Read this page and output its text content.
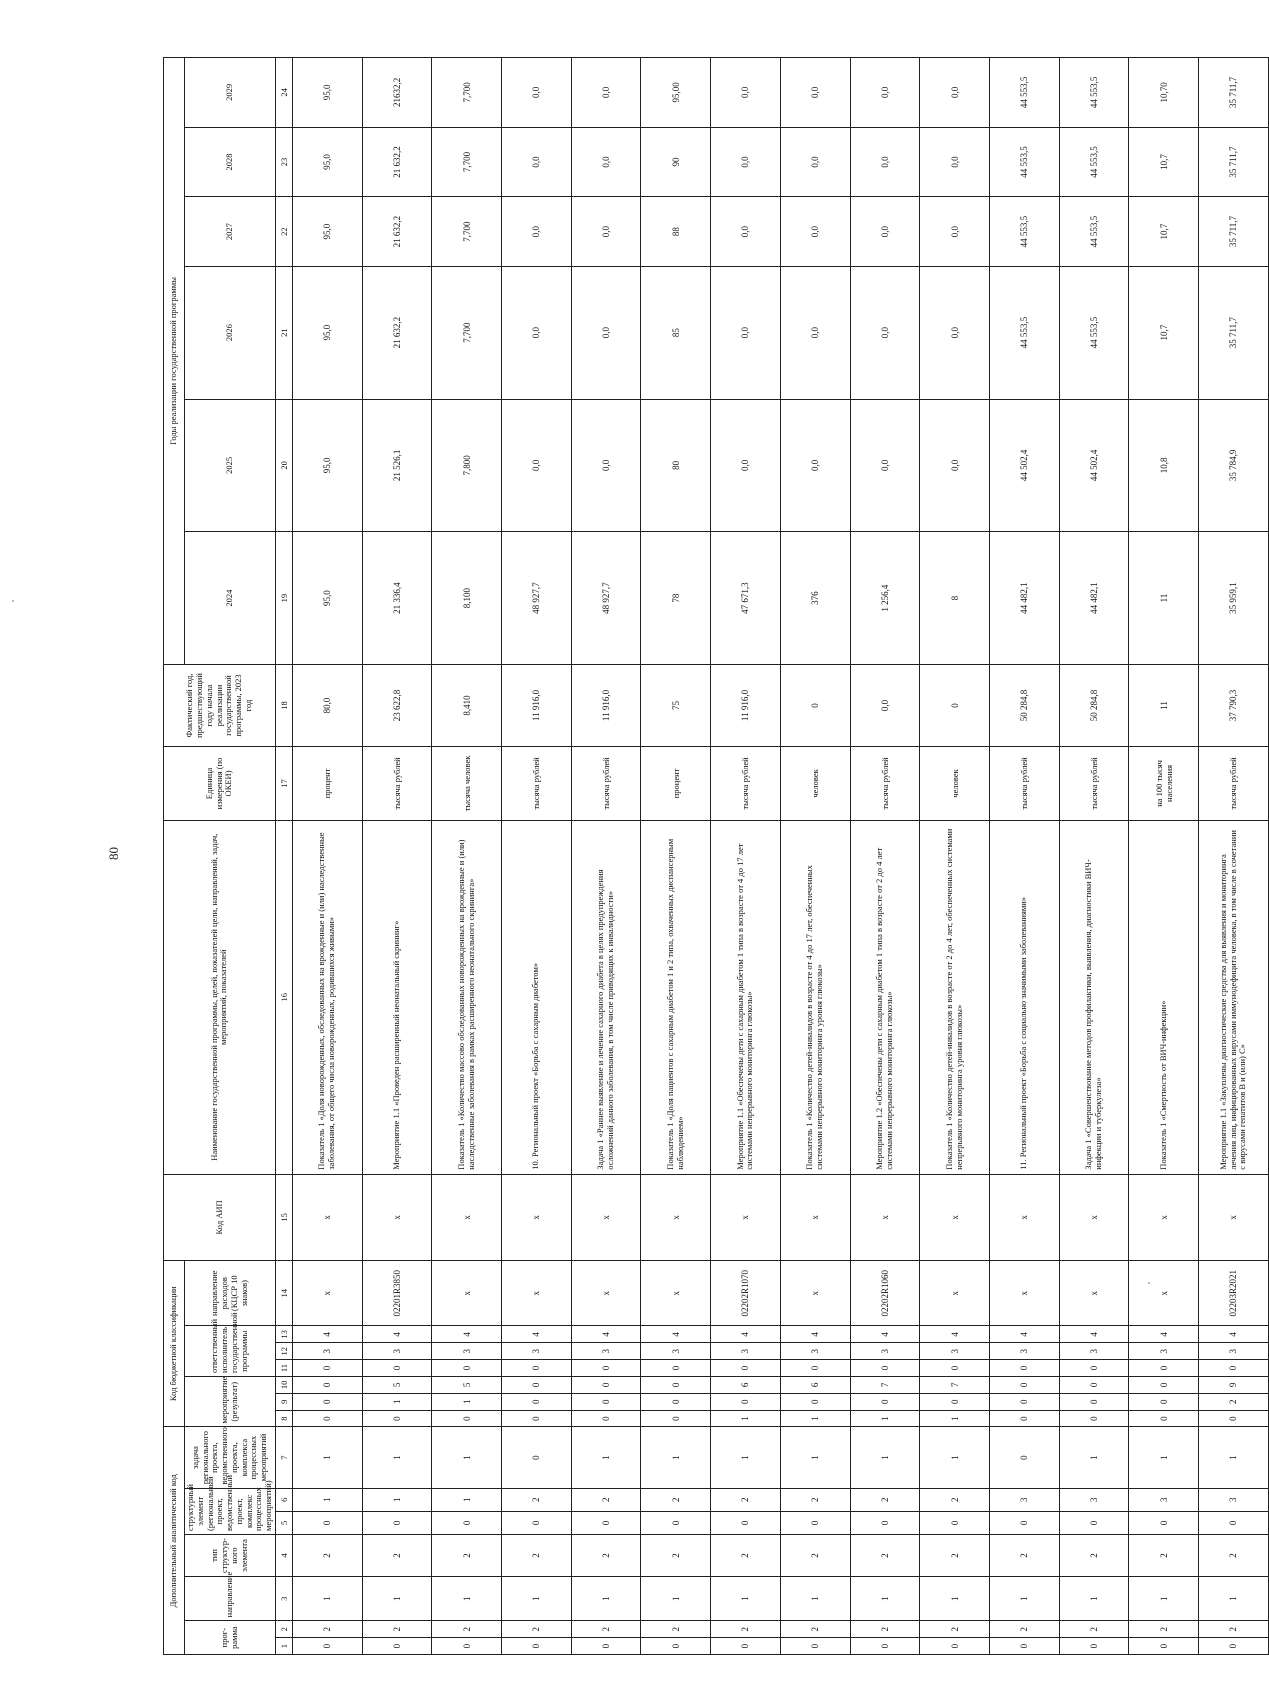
80
Дополнительный аналитический код							Код бюджетной классификации							Код АИП	Наименование государственной программы, целей, показателей цели, направлений, задач, мероприятий, показателей	Единица измерения (по ОКЕИ)	Фактический год, предшествующий году начала реализации государственной программы, 2023 год	Годы реализации государственной программы					
прог-рамма		направление	тип структур-ного элемента	структурный элемент (региональный проект, ведомственный проект, комплекс процессных мероприятий)		задача регионального проекта, ведомственного проекта, комплекса процессных мероприятий	мероприятие (результат)			ответственный исполнитель государственной программы			направление расходов (КЦСР 10 знаков)					2024	2025	2026	2027	2028	2029

1	2	3	4	5	6	7	8	9	10	11	12	13	14	15	16	17	18	19	20	21	22	23	24
0	2	1	2	0	1	1	0	0	0	0	3	4	x	x	Показатель 1 «Доля новорожденных, обследованных на врожденные и (или) наследственные заболевания, от общего числа новорожденных, родившихся живыми»	процент	80,0	95,0	95,0	95,0	95,0	95,0	95,0
0	2	1	2	0	1	1	0	1	5	0	3	4	02201R3850	x	Мероприятие 1.1 «Проведен расширенный неонатальный скрининг»	тысяча рублей	23 622,8	21 336,4	21 526,1	21 632,2	21 632,2	21 632,2	21632,2
0	2	1	2	0	1	1	0	1	5	0	3	4	x	x	Показатель 1 «Количество массово обследованных новорожденных на врожденные и (или) наследственные заболевания в рамках расширенного неонатального скрининга»	тысяча человек	8,410	8,100	7,800	7,700	7,700	7,700	7,700
0	2	1	2	0	2	0	0	0	0	0	3	4	x	x	10. Региональный проект «Борьба с сахарным диабетом»	тысяча рублей	11 916,0	48 927,7	0,0	0,0	0,0	0,0	0,0
0	2	1	2	0	2	1	0	0	0	0	3	4	x	x	Задача 1 «Раннее выявление и лечение сахарного диабета в целях предупреждения осложнений данного заболевания, в том числе приводящих к инвалидности»	тысяча рублей	11 916,0	48 927,7	0,0	0,0	0,0	0,0	0,0
0	2	1	2	0	2	1	0	0	0	0	3	4	x	x	Показатель 1 «Доля пациентов с сахарным диабетом 1 и 2 типа, охваченных диспансерным наблюдением»	процент	75	78	80	85	88	90	95,00
0	2	1	2	0	2	1	1	0	6	0	3	4	02202R1070	x	Мероприятие 1.1 «Обеспечены дети с сахарным диабетом 1 типа в возрасте от 4 до 17 лет системами непрерывного мониторинга глюкозы»	тысяча рублей	11 916,0	47 671,3	0,0	0,0	0,0	0,0	0,0
0	2	1	2	0	2	1	1	0	6	0	3	4	x	x	Показатель 1 «Количество детей-инвалидов в возрасте от 4 до 17 лет, обеспеченных системами непрерывного мониторинга уровня глюкозы»	человек	0	376	0,0	0,0	0,0	0,0	0,0
0	2	1	2	0	2	1	1	0	7	0	3	4	02202R1060	x	Мероприятие 1.2 «Обеспечены дети с сахарным диабетом 1 типа в возрасте от 2 до 4 лет системами непрерывного мониторинга глюкозы»	тысяча рублей	0,0	1 256,4	0,0	0,0	0,0	0,0	0,0
0	2	1	2	0	2	1	1	0	7	0	3	4	x	x	Показатель 1 «Количество детей-инвалидов в возрасте от 2 до 4 лет, обеспеченных системами непрерывного мониторинга уровня глюкозы»	человек	0	8	0,0	0,0	0,0	0,0	0,0
0	2	1	2	0	3	0	0	0	0	0	3	4	x	x	11. Региональный проект «Борьба с социально значимыми заболеваниями»	тысяча рублей	50 284,8	44 482,1	44 502,4	44 553,5	44 553,5	44 553,5	44 553,5
0	2	1	2	0	3	1	0	0	0	0	3	4	x	x	Задача 1 «Совершенствование методов профилактики, выявления, диагностики ВИЧ-инфекции и туберкулеза»	тысяча рублей	50 284,8	44 482,1	44 502,4	44 553,5	44 553,5	44 553,5	44 553,5
0	2	1	2	0	3	1	0	0	0	0	3	4	x	x	Показатель 1 «Смертность от ВИЧ-инфекции»	на 100 тысяч населения	11	11	10,8	10,7	10,7	10,7	10,70
0	2	1	2	0	3	1	0	2	9	0	3	4	02203R2021	x	Мероприятие 1.1 «Закуплены диагностические средства для выявления и мониторинга лечения лиц, инфицированных вирусами иммунодефицита человека, в том числе в сочетании с вирусами гепатитов В и (или) С»	тысяча рублей	37 790,3	35 959,1	35 784,9	35 711,7	35 711,7	35 711,7	35 711,7
